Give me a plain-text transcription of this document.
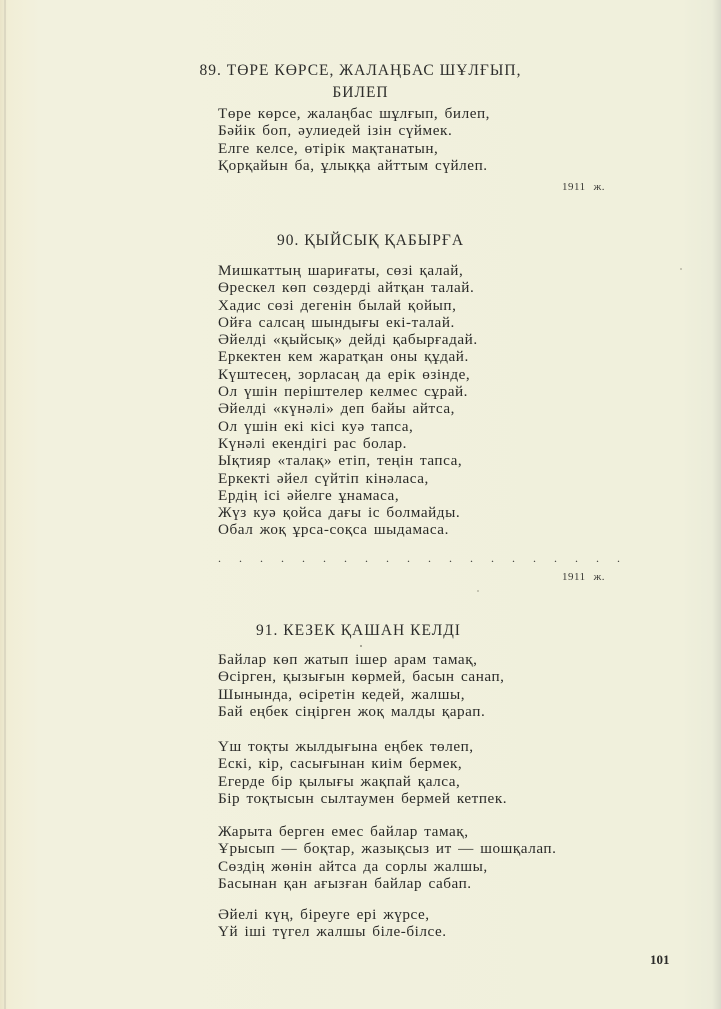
89. ТӨРЕ КӨРСЕ, ЖАЛАҢБАС ШҰЛҒЫП,
БИЛЕП
Төре көрсе, жалаңбас шұлғып, билеп,
Бәйік боп, әулиедей ізін сүймек.
Елге келсе, өтірік мақтанатын,
Қорқайын ба, ұлыққа айттым сүйлеп.
1911 ж.
90. ҚЫЙСЫҚ ҚАБЫРҒА
Мишкаттың шариғаты, сөзі қалай,
Өрескел көп сөздерді айтқан талай.
Хадис сөзі дегенін былай қойып,
Ойға салсаң шындығы екі-талай.
Әйелді «қыйсық» дейді қабырғадай.
Еркектен кем жаратқан оны құдай.
Күштесең, зорласаң да ерік өзінде,
Ол үшін періштелер келмес сұрай.
Әйелді «күнәлі» деп байы айтса,
Ол үшін екі кісі куә тапса,
Күнәлі екендігі рас болар.
Ықтияр «талақ» етіп, теңін тапса,
Еркекті әйел сүйтіп кінәласа,
Ердің ісі әйелге ұнамаса,
Жүз куә қойса дағы іс болмайды.
Обал жоқ ұрса-соқса шыдамаса.
. . . . . . . . . . . . . . . . . . . .
1911 ж.
91. КЕЗЕК ҚАШАН КЕЛДІ
Байлар көп жатып ішер арам тамақ,
Өсірген, қызығын көрмей, басын санап,
Шынында, өсіретін кедей, жалшы,
Бай еңбек сіңірген жоқ малды қарап.
Үш тоқты жылдығына еңбек төлеп,
Ескі, кір, сасығынан киім бермек,
Егерде бір қылығы жақпай қалса,
Бір тоқтысын сылтаумен бермей кетпек.
Жарыта берген емес байлар тамақ,
Ұрысып — боқтар, жазықсыз ит — шошқалап.
Сөздің жөнін айтса да сорлы жалшы,
Басынан қан ағызған байлар сабап.
Әйелі күң, біреуге ері жүрсе,
Үй іші түгел жалшы біле-білсе.
101
